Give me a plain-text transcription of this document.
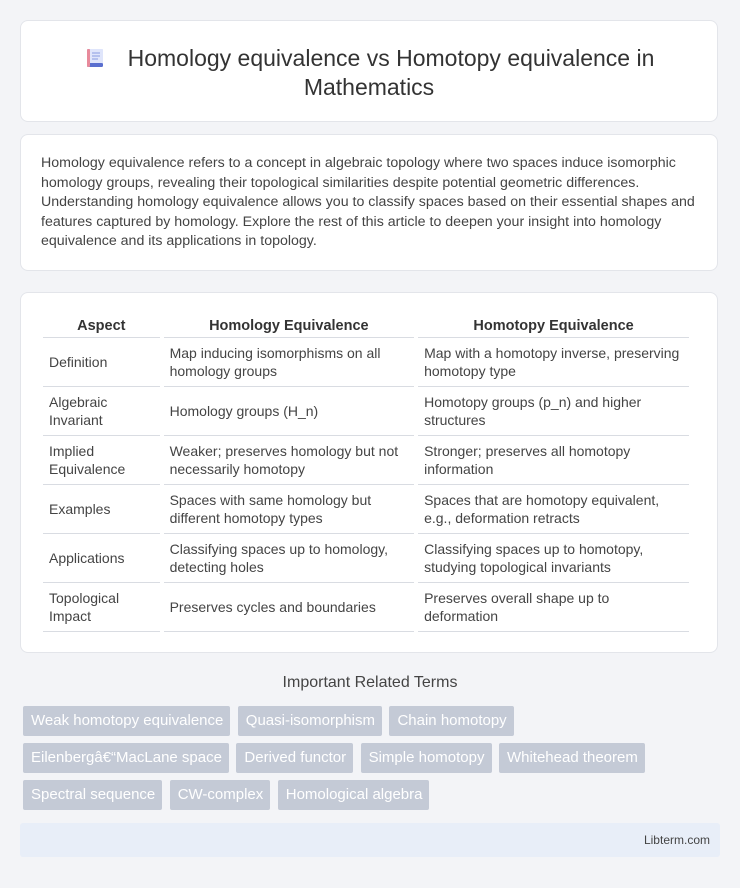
Homology equivalence vs Homotopy equivalence in Mathematics

Homology equivalence refers to a concept in algebraic topology where two spaces induce isomorphic homology groups, revealing their topological similarities despite potential geometric differences. Understanding homology equivalence allows you to classify spaces based on their essential shapes and features captured by homology. Explore the rest of this article to deepen your insight into homology equivalence and its applications in topology.

Aspect	Homology Equivalence	Homotopy Equivalence
Definition	Map inducing isomorphisms on all homology groups	Map with a homotopy inverse, preserving homotopy type
Algebraic Invariant	Homology groups (H_n)	Homotopy groups (p_n) and higher structures
Implied Equivalence	Weaker; preserves homology but not necessarily homotopy	Stronger; preserves all homotopy information
Examples	Spaces with same homology but different homotopy types	Spaces that are homotopy equivalent, e.g., deformation retracts
Applications	Classifying spaces up to homology, detecting holes	Classifying spaces up to homotopy, studying topological invariants
Topological Impact	Preserves cycles and boundaries	Preserves overall shape up to deformation
Important Related Terms
Weak homotopy equivalence Quasi-isomorphism Chain homotopy Eilenbergâ€“MacLane space Derived functor Simple homotopy Whitehead theorem Spectral sequence CW-complex Homological algebra
Libterm.com
